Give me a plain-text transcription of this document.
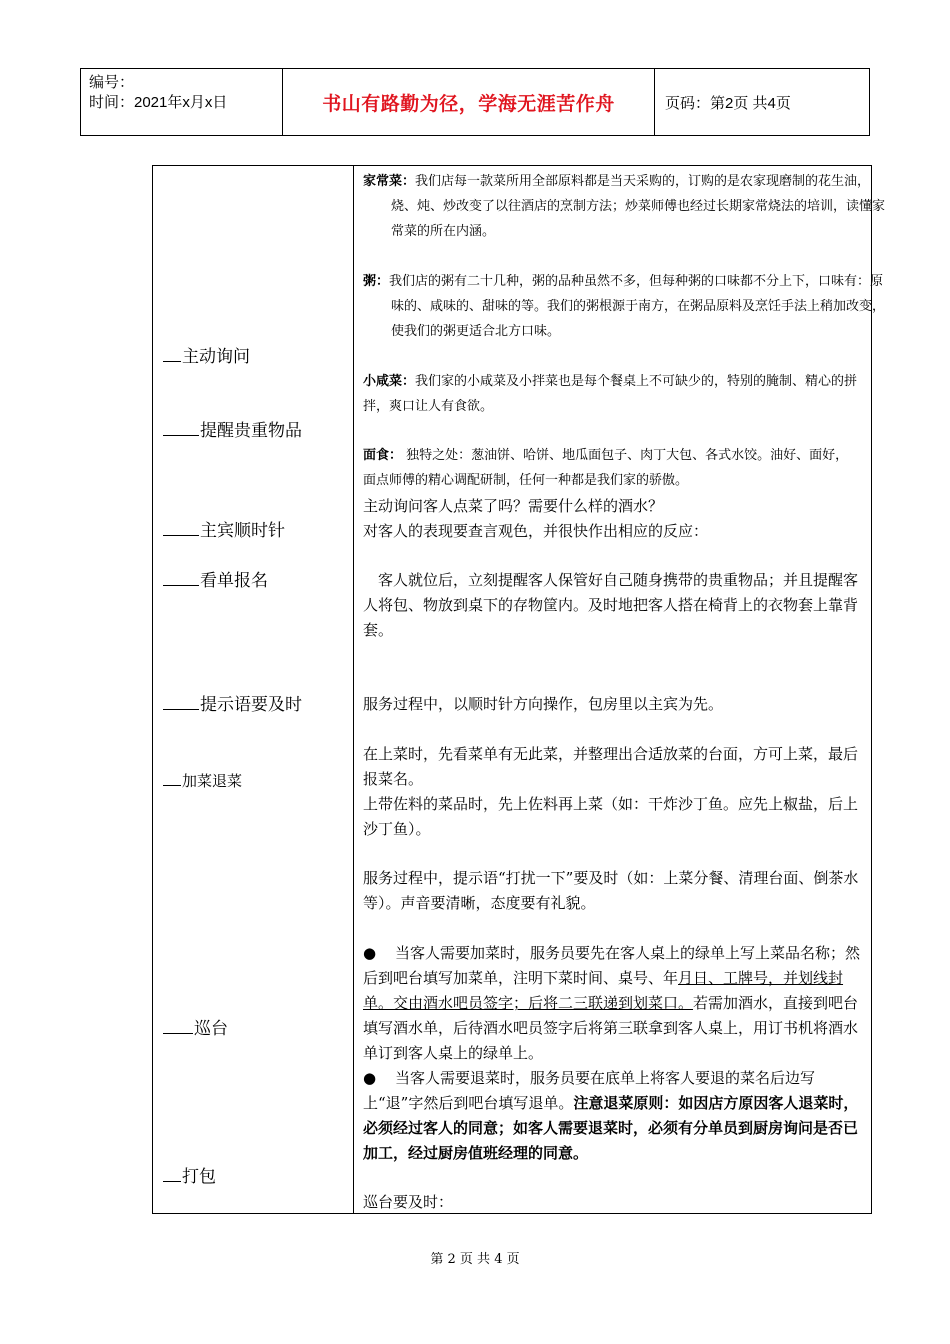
编号：
时间：2021年x月x日	书山有路勤为径，学海无涯苦作舟	页码：第2页 共4页
主动询问
提醒贵重物品
主宾顺时针
看单报名
提示语要及时
加菜退菜
巡台
打包
家常菜：我们店每一款菜所用全部原料都是当天采购的，订购的是农家现磨制的花生油，烧、炖、炒改变了以往酒店的烹制方法；炒菜师傅也经过长期家常烧法的培训，读懂家常菜的所在内涵。
粥：我们店的粥有二十几种，粥的品种虽然不多，但每种粥的口味都不分上下，口味有：原味的、咸味的、甜味的等。我们的粥根源于南方，在粥品原料及烹饪手法上稍加改变，使我们的粥更适合北方口味。
小咸菜：我们家的小咸菜及小拌菜也是每个餐桌上不可缺少的，特别的腌制、精心的拼拌，爽口让人有食欲。
面食： 独特之处：葱油饼、哈饼、地瓜面包子、肉丁大包、各式水饺。油好、面好，面点师傅的精心调配研制，任何一种都是我们家的骄傲。
主动询问客人点菜了吗？需要什么样的酒水？
对客人的表现要查言观色，并很快作出相应的反应：
客人就位后，立刻提醒客人保管好自己随身携带的贵重物品；并且提醒客人将包、物放到桌下的存物筐内。及时地把客人搭在椅背上的衣物套上靠背套。
服务过程中，以顺时针方向操作，包房里以主宾为先。
在上菜时，先看菜单有无此菜，并整理出合适放菜的台面，方可上菜，最后报菜名。
上带佐料的菜品时，先上佐料再上菜（如：干炸沙丁鱼。应先上椒盐，后上沙丁鱼）。
服务过程中，提示语“打扰一下”要及时（如：上菜分餐、清理台面、倒茶水等）。声音要清晰，态度要有礼貌。
● 当客人需要加菜时，服务员要先在客人桌上的绿单上写上菜品名称；然后到吧台填写加菜单，注明下菜时间、桌号、年月日、工牌号，并划线封单。交由酒水吧员签字；后将二三联递到划菜口。若需加酒水，直接到吧台填写酒水单，后待酒水吧员签字后将第三联拿到客人桌上，用订书机将酒水单订到客人桌上的绿单上。
● 当客人需要退菜时，服务员要在底单上将客人要退的菜名后边写上“退”字然后到吧台填写退单。注意退菜原则：如因店方原因客人退菜时，必须经过客人的同意；如客人需要退菜时，必须有分单员到厨房询问是否已加工，经过厨房值班经理的同意。
巡台要及时：
第 2 页 共 4 页
